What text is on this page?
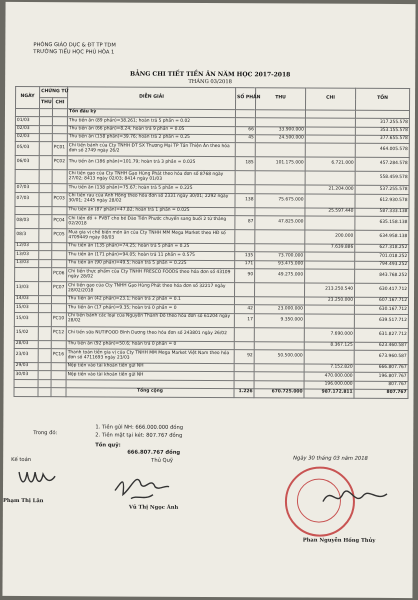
PHÒNG GIÁO DỤC & ĐT TP TDM
TRƯỜNG TIỂU HỌC PHÚ HÒA 1
BẢNG CHI TIẾT TIỀN ĂN NĂM HỌC 2017-2018
THÁNG 03/2018
NGÀY	CHỨNG TỪ		DIỄN GIẢI	SỐ PHẦN	THU	CHI	TỒN
	THU	CHI					
			Tồn đầu kỳ				
01/03			Thu tiền ăn (89 phần)=38.261; hoàn trả 5 phần = 0.02				317.255.578
02/03			Thu tiền ăn (66 phần)=8.24; hoàn trả 9 phần = 0.05	66	33.900.000		353.155.578
02/03			Thu tiền ăn (158 phần)=39.76; hoàn trả 2 phần = 0.25	45	24.500.000		377.655.578
05/03		PC01	Chi tiền bánh của Cty TNHH ĐT SX Thương Mại TP Tấn Thiện Ân theo hóa đơn số 2749 ngày 26/2				464.005.578
06/03		PC02	Thu tiền ăn (186 phần)=101.79; hoàn trả 3 phần = 0.025	185	101.175.000	6.721.000	457.284.578
			Chi tiền gạo của Cty TNHH Gạo Hùng Phát theo hóa đơn số 8768 ngày 27/02; 8413 ngày 02/03; 8414 ngày 01/03				558.459.578
07/03			Thu tiền ăn (138 phần)=75.67; hoàn trả 5 phần = 0.225			21.204.000	537.255.578
07/03		PC03	Chi tiền rau của Anh Hồng theo hóa đơn số 2331 ngày 30/01; 2292 ngày 30/01; 2445 ngày 28/02	138	75.675.000		612.930.578
			Thu tiền ăn (87 phần)=47.82; hoàn trả 1 phần = 0.025			25.597.440	587.333.138
08/03		PC04	Chi tiền đồ + PVBT cho bé Đào Tiến Phước chuyển sang buổi 2 từ tháng 02/2018	87	47.825.000		635.158.138
08/3		PC05	Mua gia vị chế biến món ăn của Cty TNHH MM Mega Market theo HĐ số 4709449 ngày 08/03			200.000	634.958.138
12/03			Thu tiền ăn (135 phần)=74.25; hoàn trả 5 phần = 0.25			7.639.886	627.318.252
13/03			Thu tiền ăn (171 phần)=94.05; hoàn trả 11 phần = 0.575	135	73.700.000		701.018.252
13/03			Thu tiền ăn (90 phần)=49.5; hoàn trả 5 phần = 0.225	171	93.475.000		794.493.252
		PC06	Chi tiền thực phẩm của Cty TNHH FRESCO FOODS theo hóa đơn số 43109 ngày 28/02	90	49.275.000		843.768.252
13/03		PC07	Chi tiền gạo của Cty TNHH Gạo Hùng Phát theo hóa đơn số 32217 ngày 28/02/2018			213.250.540	630.417.712
14/03			Thu tiền ăn (42 phần)=23.1; hoàn trả 2 phần = 0.1			23.250.000	607.167.712
15/03			Thu tiền ăn (17 phần)=9.35; hoàn trả 0 phần = 0	42	23.000.000		630.167.712
15/03		PC10	Chi tiền bánh các loại của Nguyễn Thành Đô theo hóa đơn số 61204 ngày 28/02	17	9.350.000		639.517.712
15/02		PC12	Chi tiền sữa NUTIFOOD Bình Dương theo hóa đơn số 243801 ngày 26/02			7.690.000	631.827.712
28/03			Thu tiền ăn (92 phần)=50.6; hoàn trả 0 phần = 0			8.367.125	623.460.587
23/03		PC16	Thanh toán tiền gia vị của Cty TNHH MM Mega Market Việt Nam theo hóa đơn số 4711693 ngày 23/03	92	50.500.000		673.960.587
29/03			Nộp tiền vào tài khoản tiền gửi NH			7.152.820	666.807.767
30/03			Nộp tiền vào tài khoản tiền gửi NH			470.000.000	196.807.767
						196.000.000	807.767
			Tổng cộng	1.226	670.725.000	987.172.811	807.767
Trong đó:
1. Tiền gửi NH: 666.000.000 đồng
2. Tiền mặt tại két: 807.767 đồng
Tồn quỹ:
666.807.767 đồng
Ngày 30 tháng 03 năm 2018
Kế toán	Thủ Quỹ
Phạm Thị Lân
Vũ Thị Ngọc Ánh
Phan Nguyễn Hồng Thủy
